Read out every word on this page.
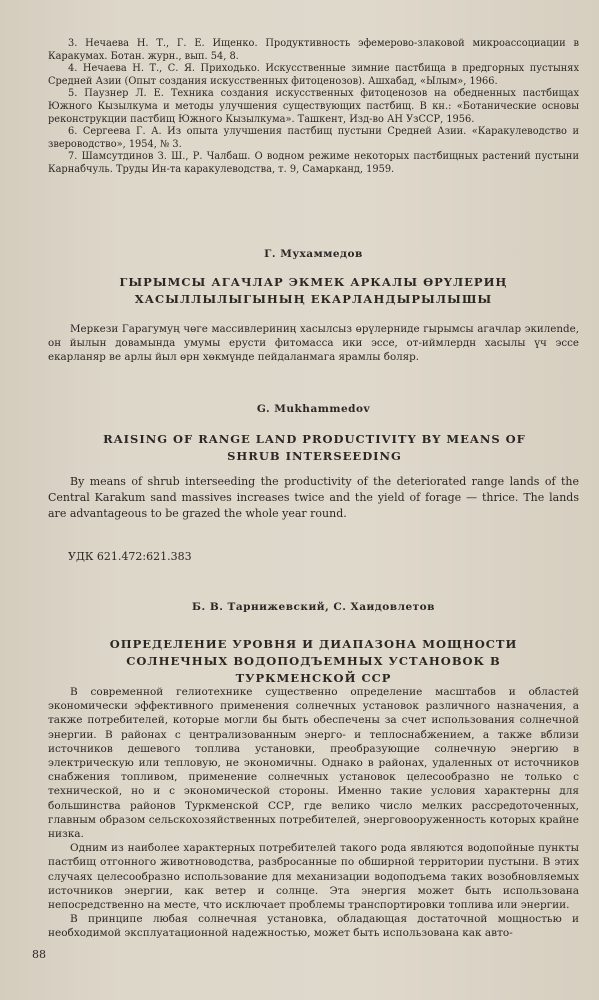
3. Нечаева Н. Т., Г. Е. Ищенко. Продуктивность эфемерово-злаковой микроассоциации в Каракумах. Ботан. журн., вып. 54, 8.

4. Нечаева Н. Т., С. Я. Приходько. Искусственные зимние пастбища в предгорных пустынях Средней Азии (Опыт создания искусственных фитоценозов). Ашхабад, «Ылым», 1966.

5. Паузнер Л. Е. Техника создания искусственных фитоценозов на обедненных пастбищах Южного Кызылкума и методы улучшения существующих пастбищ. В кн.: «Ботанические основы реконструкции пастбищ Южного Кызылкума». Ташкент, Изд-во АН УзССР, 1956.

6. Сергеева Г. А. Из опыта улучшения пастбищ пустыни Средней Азии. «Каракулеводство и звероводство», 1954, № 3.

7. Шамсутдинов З. Ш., Р. Чалбаш. О водном режиме некоторых пастбищных растений пустыни Карнабчуль. Труды Ин-та каракулеводства, т. 9, Самарканд, 1959.

Г. Мухаммедов

ГЫРЫМСЫ АГАЧЛАР ЭКМЕК АРКАЛЫ ӨРҮЛЕРИҢ ХАСЫЛЛЫЛЫГЫНЫҢ ЕКАРЛАНДЫРЫЛЫШЫ

Меркези Гарагумуң чөге массивлериниң хасылсыз өрүлерниде гырымсы агачлар экилende, он йылын довамында умумы ерусти фитомасса ики эссе, от-иймлердн хасылы үч эссе екарланяр ве арлы йыл өрн хөкмүнде пейдаланмага ярамлы боляр.

G. Mukhammedov

RAISING OF RANGE LAND PRODUCTIVITY BY MEANS OF SHRUB INTERSEEDING

By means of shrub interseeding the productivity of the deteriorated range lands of the Central Karakum sand massives increases twice and the yield of forage — thrice. The lands are advantageous to be grazed the whole year round.

УДК 621.472:621.383
Б. В. Тарнижевский, С. Хаидовлетов

ОПРЕДЕЛЕНИЕ УРОВНЯ И ДИАПАЗОНА МОЩНОСТИ СОЛНЕЧНЫХ ВОДОПОДЪЕМНЫХ УСТАНОВОК В ТУРКМЕНСКОЙ ССР

В современной гелиотехнике существенно определение масштабов и областей экономически эффективного применения солнечных установок различного назначения, а также потребителей, которые могли бы быть обеспечены за счет использования солнечной энергии. В районах с централизованным энерго- и теплоснабжением, а также вблизи источников дешевого топлива установки, преобразующие солнечную энергию в электрическую или тепловую, не экономичны. Однако в районах, удаленных от источников снабжения топливом, применение солнечных установок целесообразно не только с технической, но и с экономической стороны. Именно такие условия характерны для большинства районов Туркменской ССР, где велико число мелких рассредоточенных, главным образом сельскохозяйственных потребителей, энерговооруженность которых крайне низка.

Одним из наиболее характерных потребителей такого рода являются водопойные пункты пастбищ отгонного животноводства, разбросанные по обширной территории пустыни. В этих случаях целесообразно использование для механизации водоподъема таких возобновляемых источников энергии, как ветер и солнце. Эта энергия может быть использована непосредственно на месте, что исключает проблемы транспортировки топлива или энергии.

В принципе любая солнечная установка, обладающая достаточной мощностью и необходимой эксплуатационной надежностью, может быть использована как авто-

88
